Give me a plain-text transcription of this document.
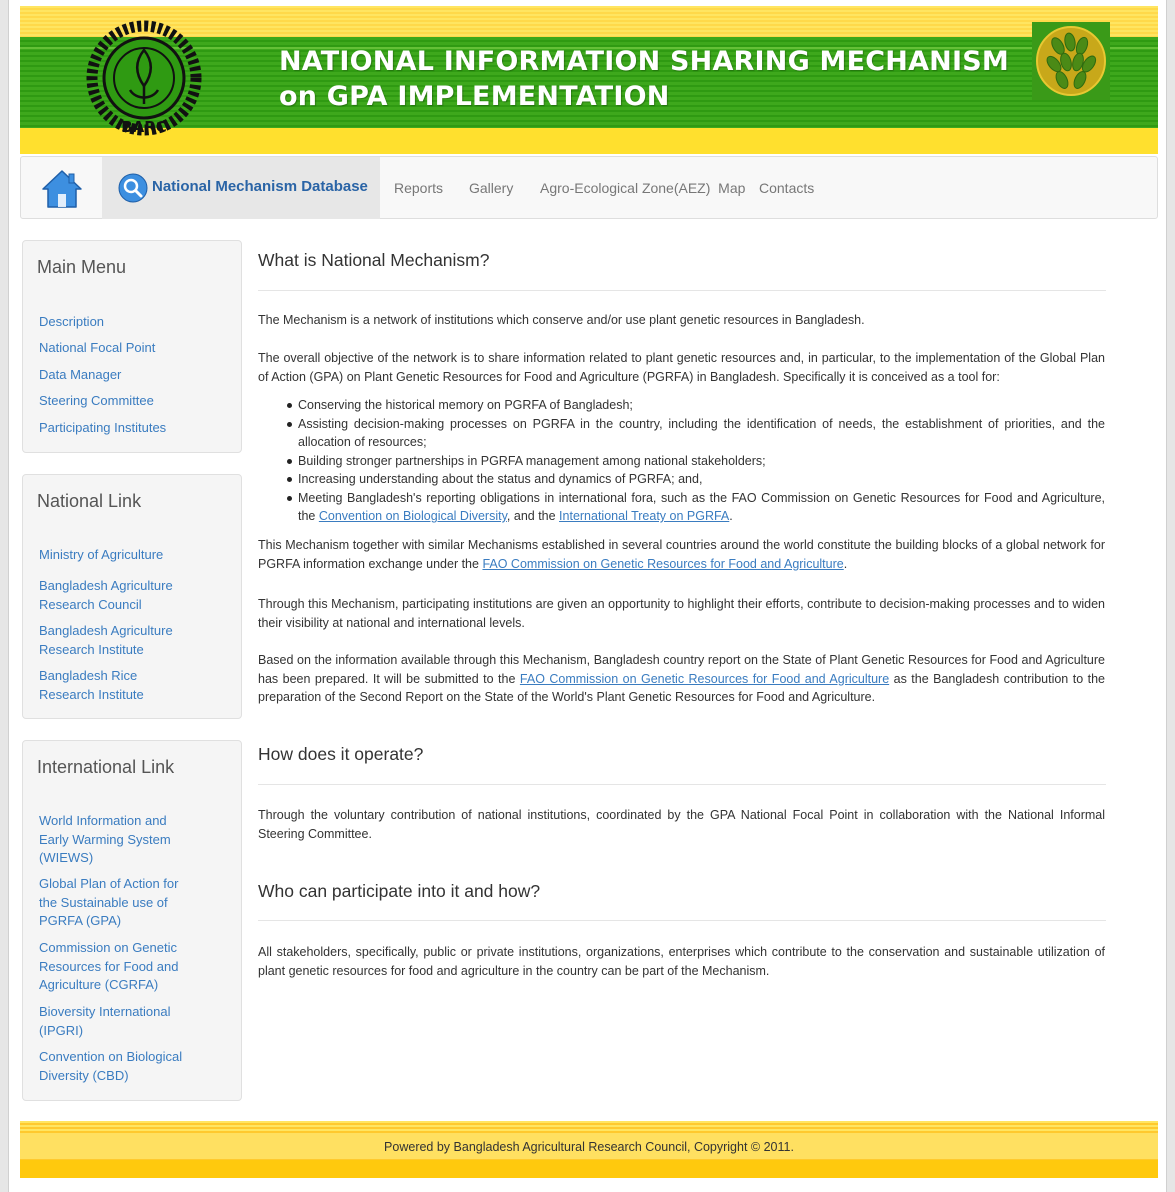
BARC
NATIONAL INFORMATION SHARING MECHANISM
on GPA IMPLEMENTATION
National Mechanism Database Reports Gallery Agro-Ecological Zone(AEZ)  Map Contacts
Main Menu
Description
National Focal Point
Data Manager
Steering Committee
Participating Institutes
National Link
Ministry of Agriculture
Bangladesh Agriculture Research Council
Bangladesh Agriculture Research Institute
Bangladesh Rice Research Institute
International Link
World Information and Early Warming System (WIEWS)
Global Plan of Action for the Sustainable use of PGRFA (GPA)
Commission on Genetic Resources for Food and Agriculture (CGRFA)
Bioversity International (IPGRI)
Convention on Biological Diversity (CBD)
What is National Mechanism?
The Mechanism is a network of institutions which conserve and/or use plant genetic resources in Bangladesh.
The overall objective of the network is to share information related to plant genetic resources and, in particular, to the implementation of the Global Plan of Action (GPA) on Plant Genetic Resources for Food and Agriculture (PGRFA) in Bangladesh. Specifically it is conceived as a tool for:
Conserving the historical memory on PGRFA of Bangladesh;
Assisting decision-making processes on PGRFA in the country, including the identification of needs, the establishment of priorities, and the allocation of resources;
Building stronger partnerships in PGRFA management among national stakeholders;
Increasing understanding about the status and dynamics of PGRFA; and,
Meeting Bangladesh's reporting obligations in international fora, such as the FAO Commission on Genetic Resources for Food and Agriculture, the Convention on Biological Diversity, and the International Treaty on PGRFA.
This Mechanism together with similar Mechanisms established in several countries around the world constitute the building blocks of a global network for PGRFA information exchange under the FAO Commission on Genetic Resources for Food and Agriculture.
Through this Mechanism, participating institutions are given an opportunity to highlight their efforts, contribute to decision-making processes and to widen their visibility at national and international levels.
Based on the information available through this Mechanism, Bangladesh country report on the State of Plant Genetic Resources for Food and Agriculture has been prepared. It will be submitted to the FAO Commission on Genetic Resources for Food and Agriculture as the Bangladesh contribution to the preparation of the Second Report on the State of the World's Plant Genetic Resources for Food and Agriculture.
How does it operate?
Through the voluntary contribution of national institutions, coordinated by the GPA National Focal Point in collaboration with the National Informal Steering Committee.
Who can participate into it and how?
All stakeholders, specifically, public or private institutions, organizations, enterprises which contribute to the conservation and sustainable utilization of plant genetic resources for food and agriculture in the country can be part of the Mechanism.
Powered by Bangladesh Agricultural Research Council, Copyright © 2011.
